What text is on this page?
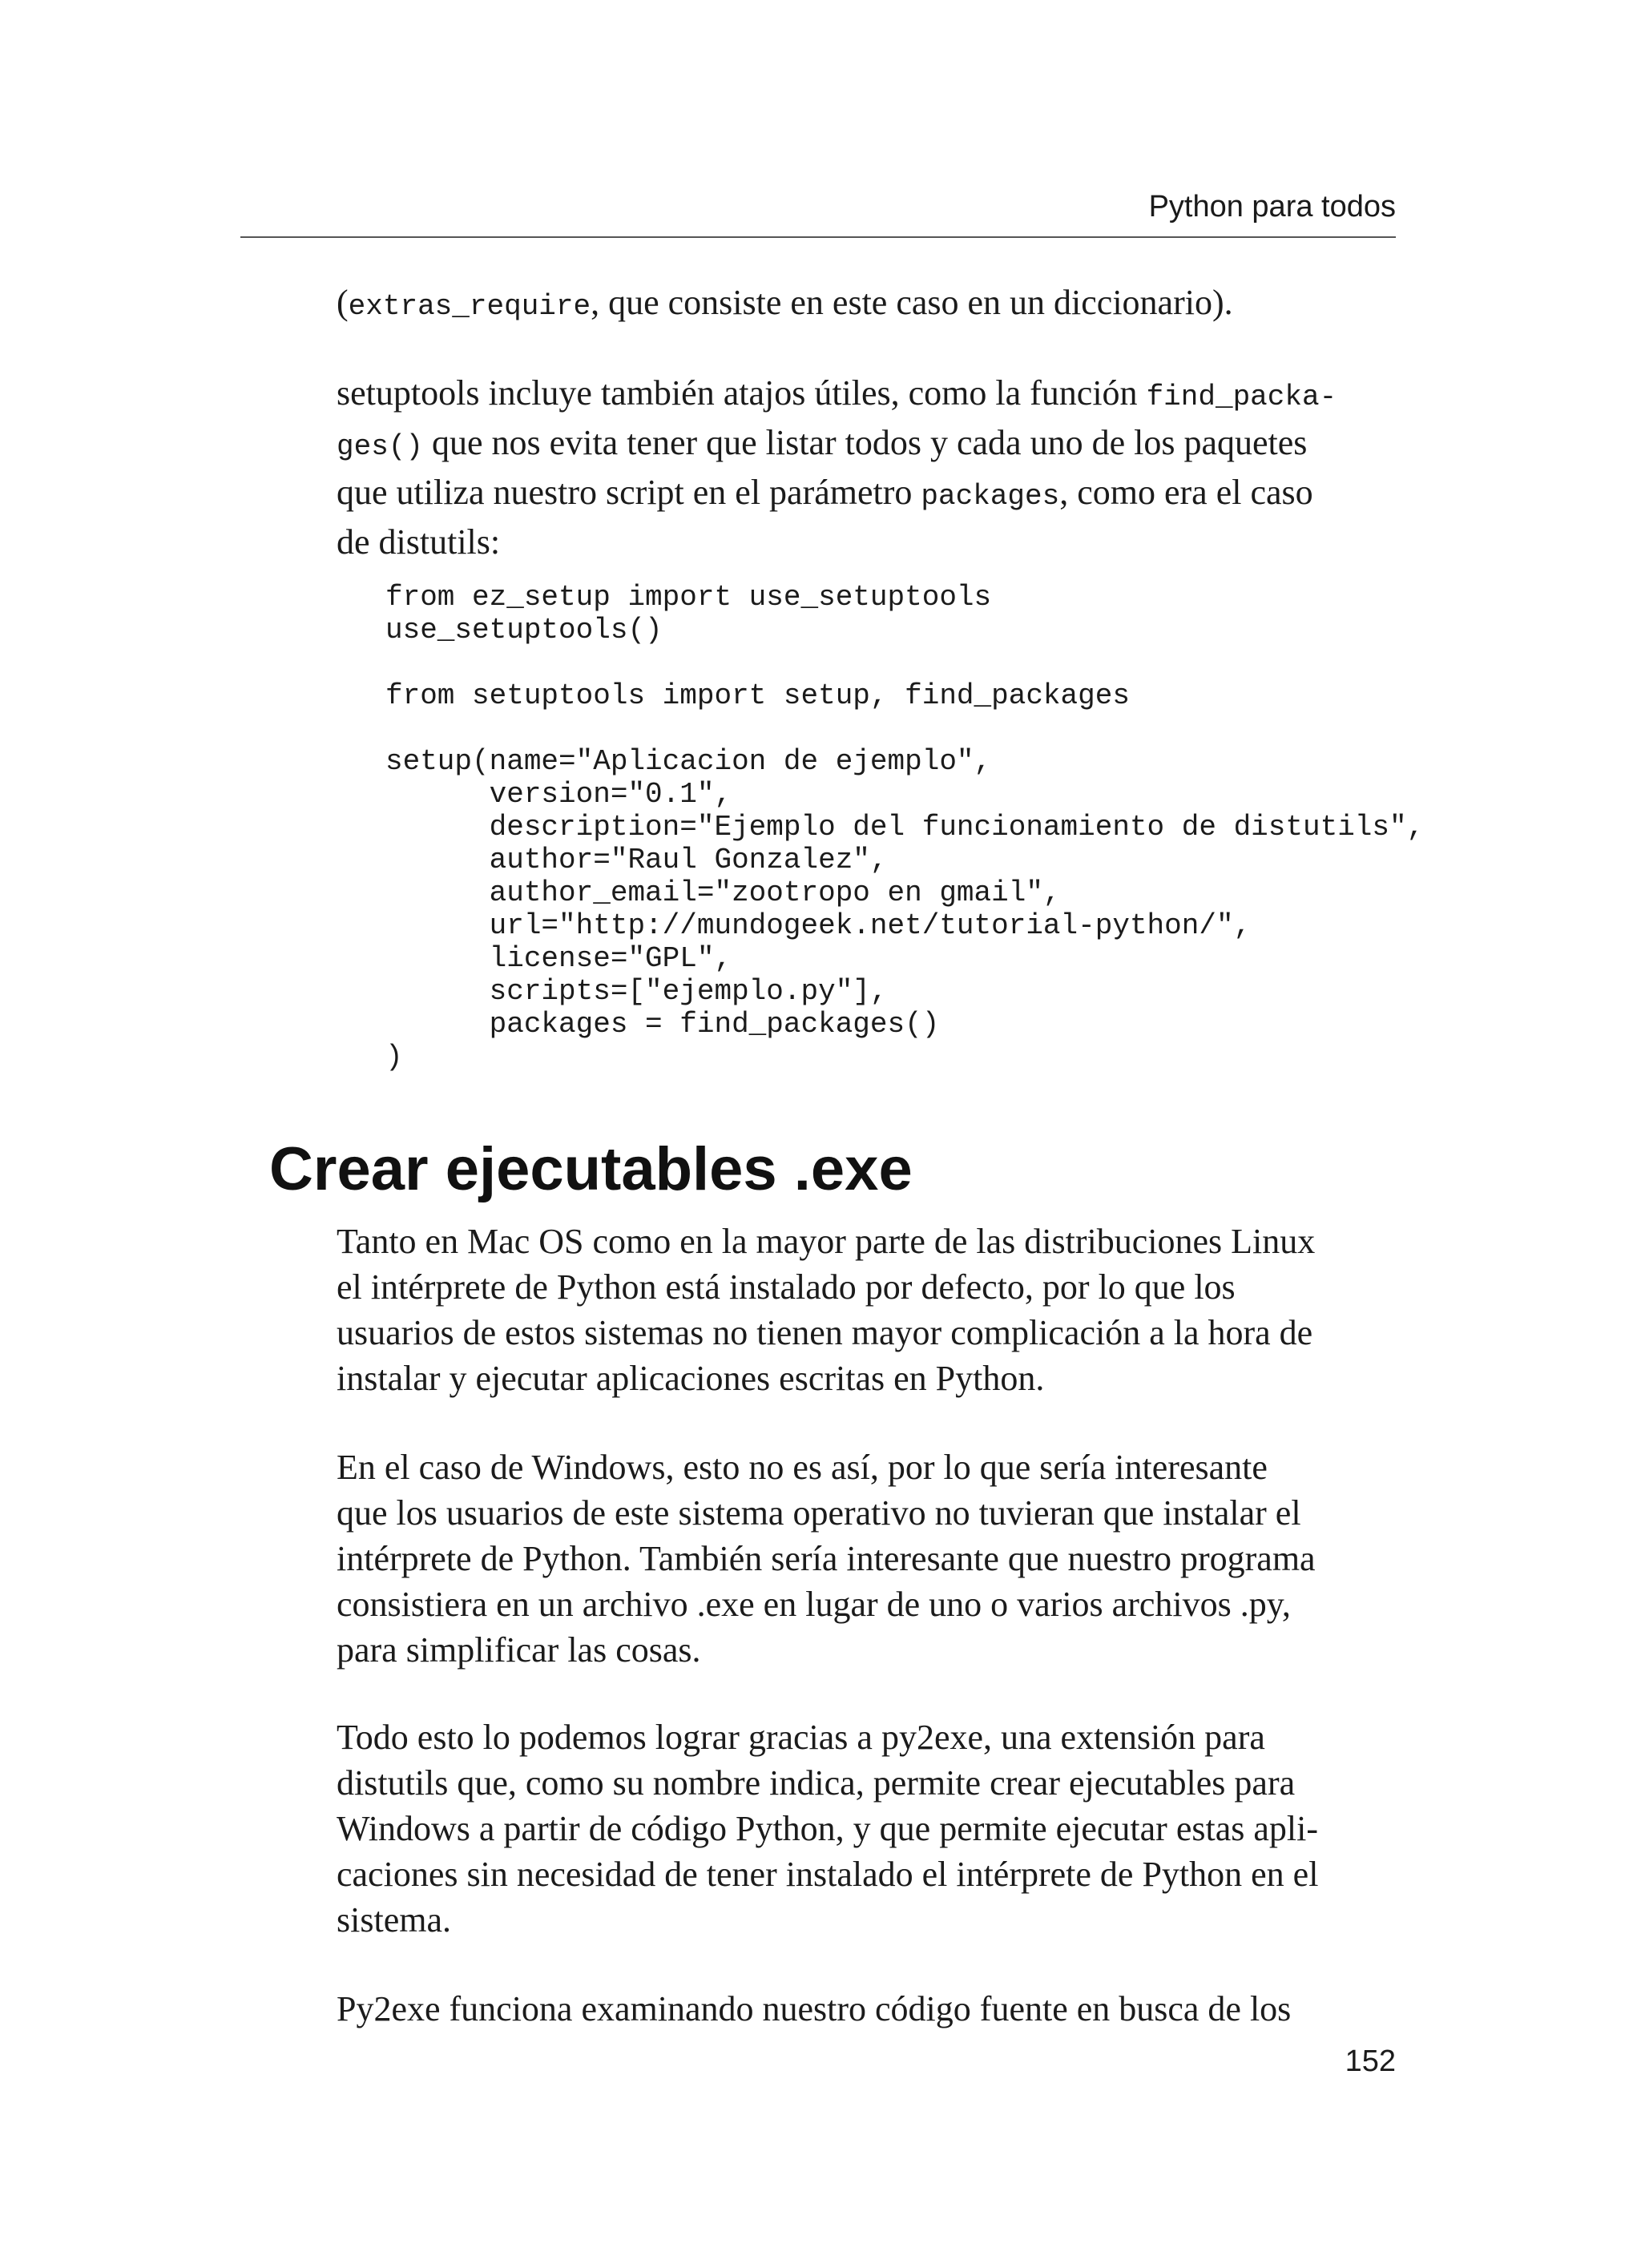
Python para todos

(extras_require, que consiste en este caso en un diccionario).

setuptools incluye también atajos útiles, como la función find_packa-
ges() que nos evita tener que listar todos y cada uno de los paquetes
que utiliza nuestro script en el parámetro packages, como era el caso
de distutils:

from ez_setup import use_setuptools
use_setuptools()

from setuptools import setup, find_packages

setup(name="Aplicacion de ejemplo",
version="0.1",
description="Ejemplo del funcionamiento de distutils",
author="Raul Gonzalez",
author_email="zootropo en gmail",
url="http://mundogeek.net/tutorial-python/",
license="GPL",
scripts=["ejemplo.py"],
packages = find_packages()
)
Crear ejecutables .exe

Tanto en Mac OS como en la mayor parte de las distribuciones Linux
el intérprete de Python está instalado por defecto, por lo que los
usuarios de estos sistemas no tienen mayor complicación a la hora de
instalar y ejecutar aplicaciones escritas en Python.

En el caso de Windows, esto no es así, por lo que sería interesante
que los usuarios de este sistema operativo no tuvieran que instalar el
intérprete de Python. También sería interesante que nuestro programa
consistiera en un archivo .exe en lugar de uno o varios archivos .py,
para simplificar las cosas.

Todo esto lo podemos lograr gracias a py2exe, una extensión para
distutils que, como su nombre indica, permite crear ejecutables para
Windows a partir de código Python, y que permite ejecutar estas apli-
caciones sin necesidad de tener instalado el intérprete de Python en el
sistema.

Py2exe funciona examinando nuestro código fuente en busca de los

152
